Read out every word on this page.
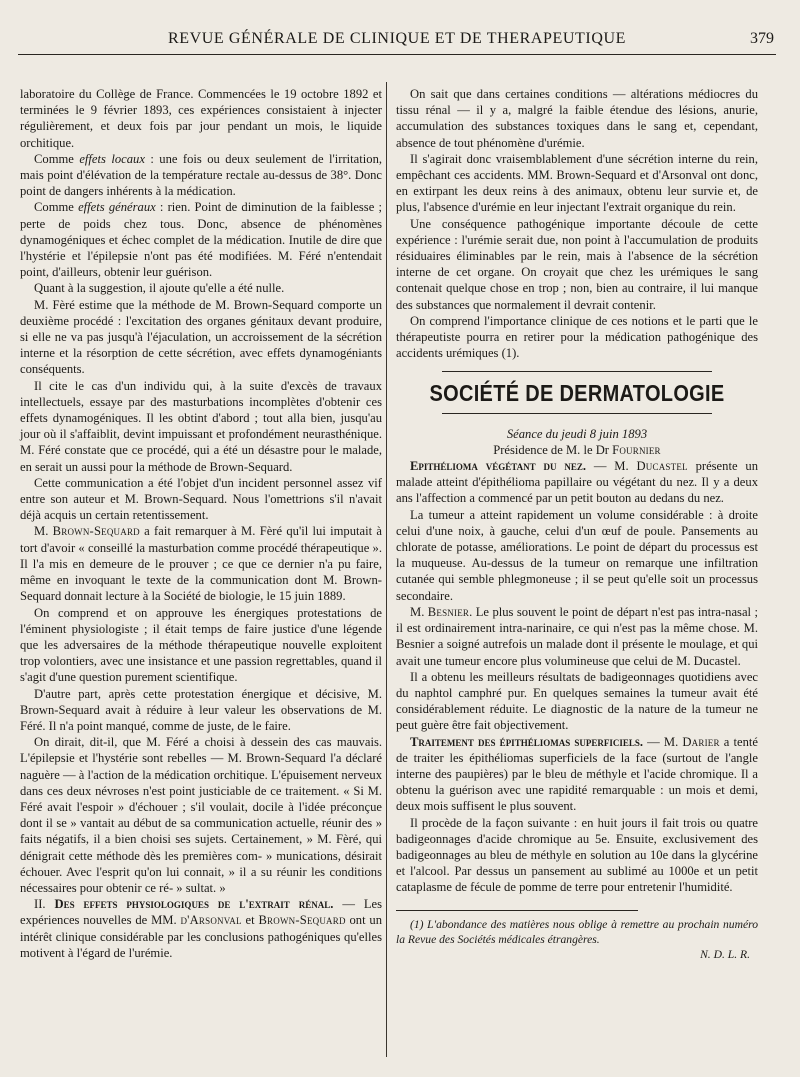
REVUE GÉNÉRALE DE CLINIQUE ET DE THERAPEUTIQUE	379

laboratoire du Collège de France. Commencées le 19 octobre 1892 et terminées le 9 février 1893, ces expériences consistaient à injecter régulièrement, et deux fois par jour pendant un mois, le liquide orchitique.

Comme effets locaux : une fois ou deux seulement de l'irritation, mais point d'élévation de la température rectale au-dessus de 38°. Donc point de dangers inhérents à la médication.

Comme effets généraux : rien. Point de diminution de la faiblesse ; perte de poids chez tous. Donc, absence de phénomènes dynamogéniques et échec complet de la médication. Inutile de dire que l'hystérie et l'épilepsie n'ont pas été modifiées. M. Féré n'entendait point, d'ailleurs, obtenir leur guérison.

Quant à la suggestion, il ajoute qu'elle a été nulle.

M. Fèré estime que la méthode de M. Brown-Sequard comporte un deuxième procédé : l'excitation des organes génitaux devant produire, si elle ne va pas jusqu'à l'éjaculation, un accroissement de la sécrétion interne et la résorption de cette sécrétion, avec effets dynamogéniants conséquents.

Il cite le cas d'un individu qui, à la suite d'excès de travaux intellectuels, essaye par des masturbations incomplètes d'obtenir ces effets dynamogéniques. Il les obtint d'abord ; tout alla bien, jusqu'au jour où il s'affaiblit, devint impuissant et profondément neurasthénique. M. Féré constate que ce procédé, qui a été un désastre pour le malade, en serait un aussi pour la méthode de Brown-Sequard.

Cette communication a été l'objet d'un incident personnel assez vif entre son auteur et M. Brown-Sequard. Nous l'omettrions s'il n'avait déjà acquis un certain retentissement.

M. Brown-Sequard a fait remarquer à M. Fèré qu'il lui imputait à tort d'avoir « conseillé la masturbation comme procédé thérapeutique ». Il l'a mis en demeure de le prouver ; ce que ce dernier n'a pu faire, même en invoquant le texte de la communication dont M. Brown-Sequard donnait lecture à la Société de biologie, le 15 juin 1889.

On comprend et on approuve les énergiques protestations de l'éminent physiologiste ; il était temps de faire justice d'une légende que les adversaires de la méthode thérapeutique nouvelle exploitent trop volontiers, avec une insistance et une passion regrettables, quand il s'agit d'une question purement scientifique.

D'autre part, après cette protestation énergique et décisive, M. Brown-Sequard avait à réduire à leur valeur les observations de M. Féré. Il n'a point manqué, comme de juste, de le faire.

On dirait, dit-il, que M. Féré a choisi à dessein des cas mauvais. L'épilepsie et l'hystérie sont rebelles — M. Brown-Sequard l'a déclaré naguère — à l'action de la médication orchitique. L'épuisement nerveux dans ces deux névroses n'est point justiciable de ce traitement. « Si M. Féré avait l'espoir » d'échouer ; s'il voulait, docile à l'idée préconçue dont il se » vantait au début de sa communication actuelle, réunir des » faits négatifs, il a bien choisi ses sujets. Certainement, » M. Fèré, qui dénigrait cette méthode dès les premières com- » munications, désirait échouer. Avec l'esprit qu'on lui connait, » il a su réunir les conditions nécessaires pour obtenir ce ré- » sultat. »

II. Des effets physiologiques de l'extrait rénal. — Les expériences nouvelles de MM. d'Arsonval et Brown-Sequard ont un intérêt clinique considérable par les conclusions pathogéniques qu'elles motivent à l'égard de l'urémie.

On sait que dans certaines conditions — altérations médiocres du tissu rénal — il y a, malgré la faible étendue des lésions, anurie, accumulation des substances toxiques dans le sang et, cependant, absence de tout phénomène d'urémie.

Il s'agirait donc vraisemblablement d'une sécrétion interne du rein, empêchant ces accidents. MM. Brown-Sequard et d'Arsonval ont donc, en extirpant les deux reins à des animaux, obtenu leur survie et, de plus, l'absence d'urémie en leur injectant l'extrait organique du rein.

Une conséquence pathogénique importante découle de cette expérience : l'urémie serait due, non point à l'accumulation de produits résiduaires éliminables par le rein, mais à l'absence de la sécrétion interne de cet organe. On croyait que chez les urémiques le sang contenait quelque chose en trop ; non, bien au contraire, il lui manque des substances que normalement il devrait contenir.

On comprend l'importance clinique de ces notions et le parti que le thérapeutiste pourra en retirer pour la médication pathogénique des accidents urémiques (1).

SOCIÉTÉ DE DERMATOLOGIE

Séance du jeudi 8 juin 1893

Présidence de M. le Dr Fournier

Epithélioma végétant du nez. — M. Ducastel présente un malade atteint d'épithélioma papillaire ou végétant du nez. Il y a deux ans l'affection a commencé par un petit bouton au dedans du nez.

La tumeur a atteint rapidement un volume considérable : à droite celui d'une noix, à gauche, celui d'un œuf de poule. Pansements au chlorate de potasse, améliorations. Le point de départ du processus est la muqueuse. Au-dessus de la tumeur on remarque une infiltration cutanée qui semble phlegmoneuse ; il se peut qu'elle soit un processus secondaire.

M. Besnier. Le plus souvent le point de départ n'est pas intra-nasal ; il est ordinairement intra-narinaire, ce qui n'est pas la même chose. M. Besnier a soigné autrefois un malade dont il présente le moulage, et qui avait une tumeur encore plus volumineuse que celui de M. Ducastel.

Il a obtenu les meilleurs résultats de badigeonnages quotidiens avec du naphtol camphré pur. En quelques semaines la tumeur avait été considérablement réduite. Le diagnostic de la nature de la tumeur ne peut guère être fait objectivement.

Traitement des épithéliomas superficiels. — M. Darier a tenté de traiter les épithéliomas superficiels de la face (surtout de l'angle interne des paupières) par le bleu de méthyle et l'acide chromique. Il a obtenu la guérison avec une rapidité remarquable : un mois et demi, deux mois suffisent le plus souvent.

Il procède de la façon suivante : en huit jours il fait trois ou quatre badigeonnages d'acide chromique au 5e. Ensuite, exclusivement des badigeonnages au bleu de méthyle en solution au 10e dans la glycérine et l'alcool. Par dessus un pansement au sublimé au 1000e et un petit cataplasme de fécule de pomme de terre pour entretenir l'humidité.

(1) L'abondance des matières nous oblige à remettre au prochain numéro la Revue des Sociétés médicales étrangères.

N. D. L. R.
